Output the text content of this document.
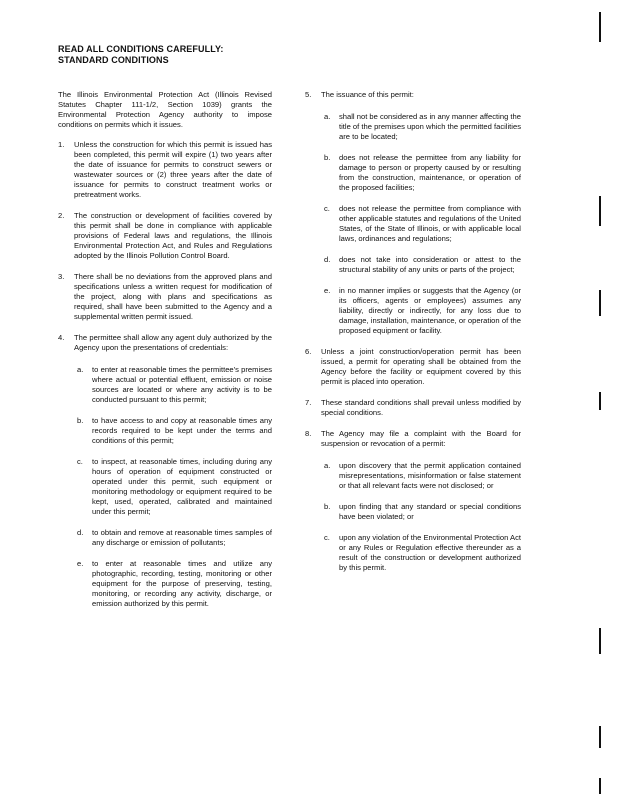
READ ALL CONDITIONS CAREFULLY:
STANDARD CONDITIONS

The Illinois Environmental Protection Act (Illinois Revised Statutes Chapter 111-1/2, Section 1039) grants the Environmental Protection Agency authority to impose conditions on permits which it issues.

1. Unless the construction for which this permit is issued has been completed, this permit will expire (1) two years after the date of issuance for permits to construct sewers or wastewater sources or (2) three years after the date of issuance for permits to construct treatment works or pretreatment works.

2. The construction or development of facilities covered by this permit shall be done in compliance with applicable provisions of Federal laws and regulations, the Illinois Environmental Protection Act, and Rules and Regulations adopted by the Illinois Pollution Control Board.

3. There shall be no deviations from the approved plans and specifications unless a written request for modification of the project, along with plans and specifications as required, shall have been submitted to the Agency and a supplemental written permit issued.

4. The permittee shall allow any agent duly authorized by the Agency upon the presentations of credentials:

a. to enter at reasonable times the permittee's premises where actual or potential effluent, emission or noise sources are located or where any activity is to be conducted pursuant to this permit;

b. to have access to and copy at reasonable times any records required to be kept under the terms and conditions of this permit;

c. to inspect, at reasonable times, including during any hours of operation of equipment constructed or operated under this permit, such equipment or monitoring methodology or equipment required to be kept, used, operated, calibrated and maintained under this permit;

d. to obtain and remove at reasonable times samples of any discharge or emission of pollutants;

e. to enter at reasonable times and utilize any photographic, recording, testing, monitoring or other equipment for the purpose of preserving, testing, monitoring, or recording any activity, discharge, or emission authorized by this permit.

5. The issuance of this permit:

a. shall not be considered as in any manner affecting the title of the premises upon which the permitted facilities are to be located;

b. does not release the permittee from any liability for damage to person or property caused by or resulting from the construction, maintenance, or operation of the proposed facilities;

c. does not release the permittee from compliance with other applicable statutes and regulations of the United States, of the State of Illinois, or with applicable local laws, ordinances and regulations;

d. does not take into consideration or attest to the structural stability of any units or parts of the project;

e. in no manner implies or suggests that the Agency (or its officers, agents or employees) assumes any liability, directly or indirectly, for any loss due to damage, installation, maintenance, or operation of the proposed equipment or facility.

6. Unless a joint construction/operation permit has been issued, a permit for operating shall be obtained from the Agency before the facility or equipment covered by this permit is placed into operation.

7. These standard conditions shall prevail unless modified by special conditions.

8. The Agency may file a complaint with the Board for suspension or revocation of a permit:

a. upon discovery that the permit application contained misrepresentations, misinformation or false statement or that all relevant facts were not disclosed; or

b. upon finding that any standard or special conditions have been violated; or

c. upon any violation of the Environmental Protection Act or any Rules or Regulation effective thereunder as a result of the construction or development authorized by this permit.
